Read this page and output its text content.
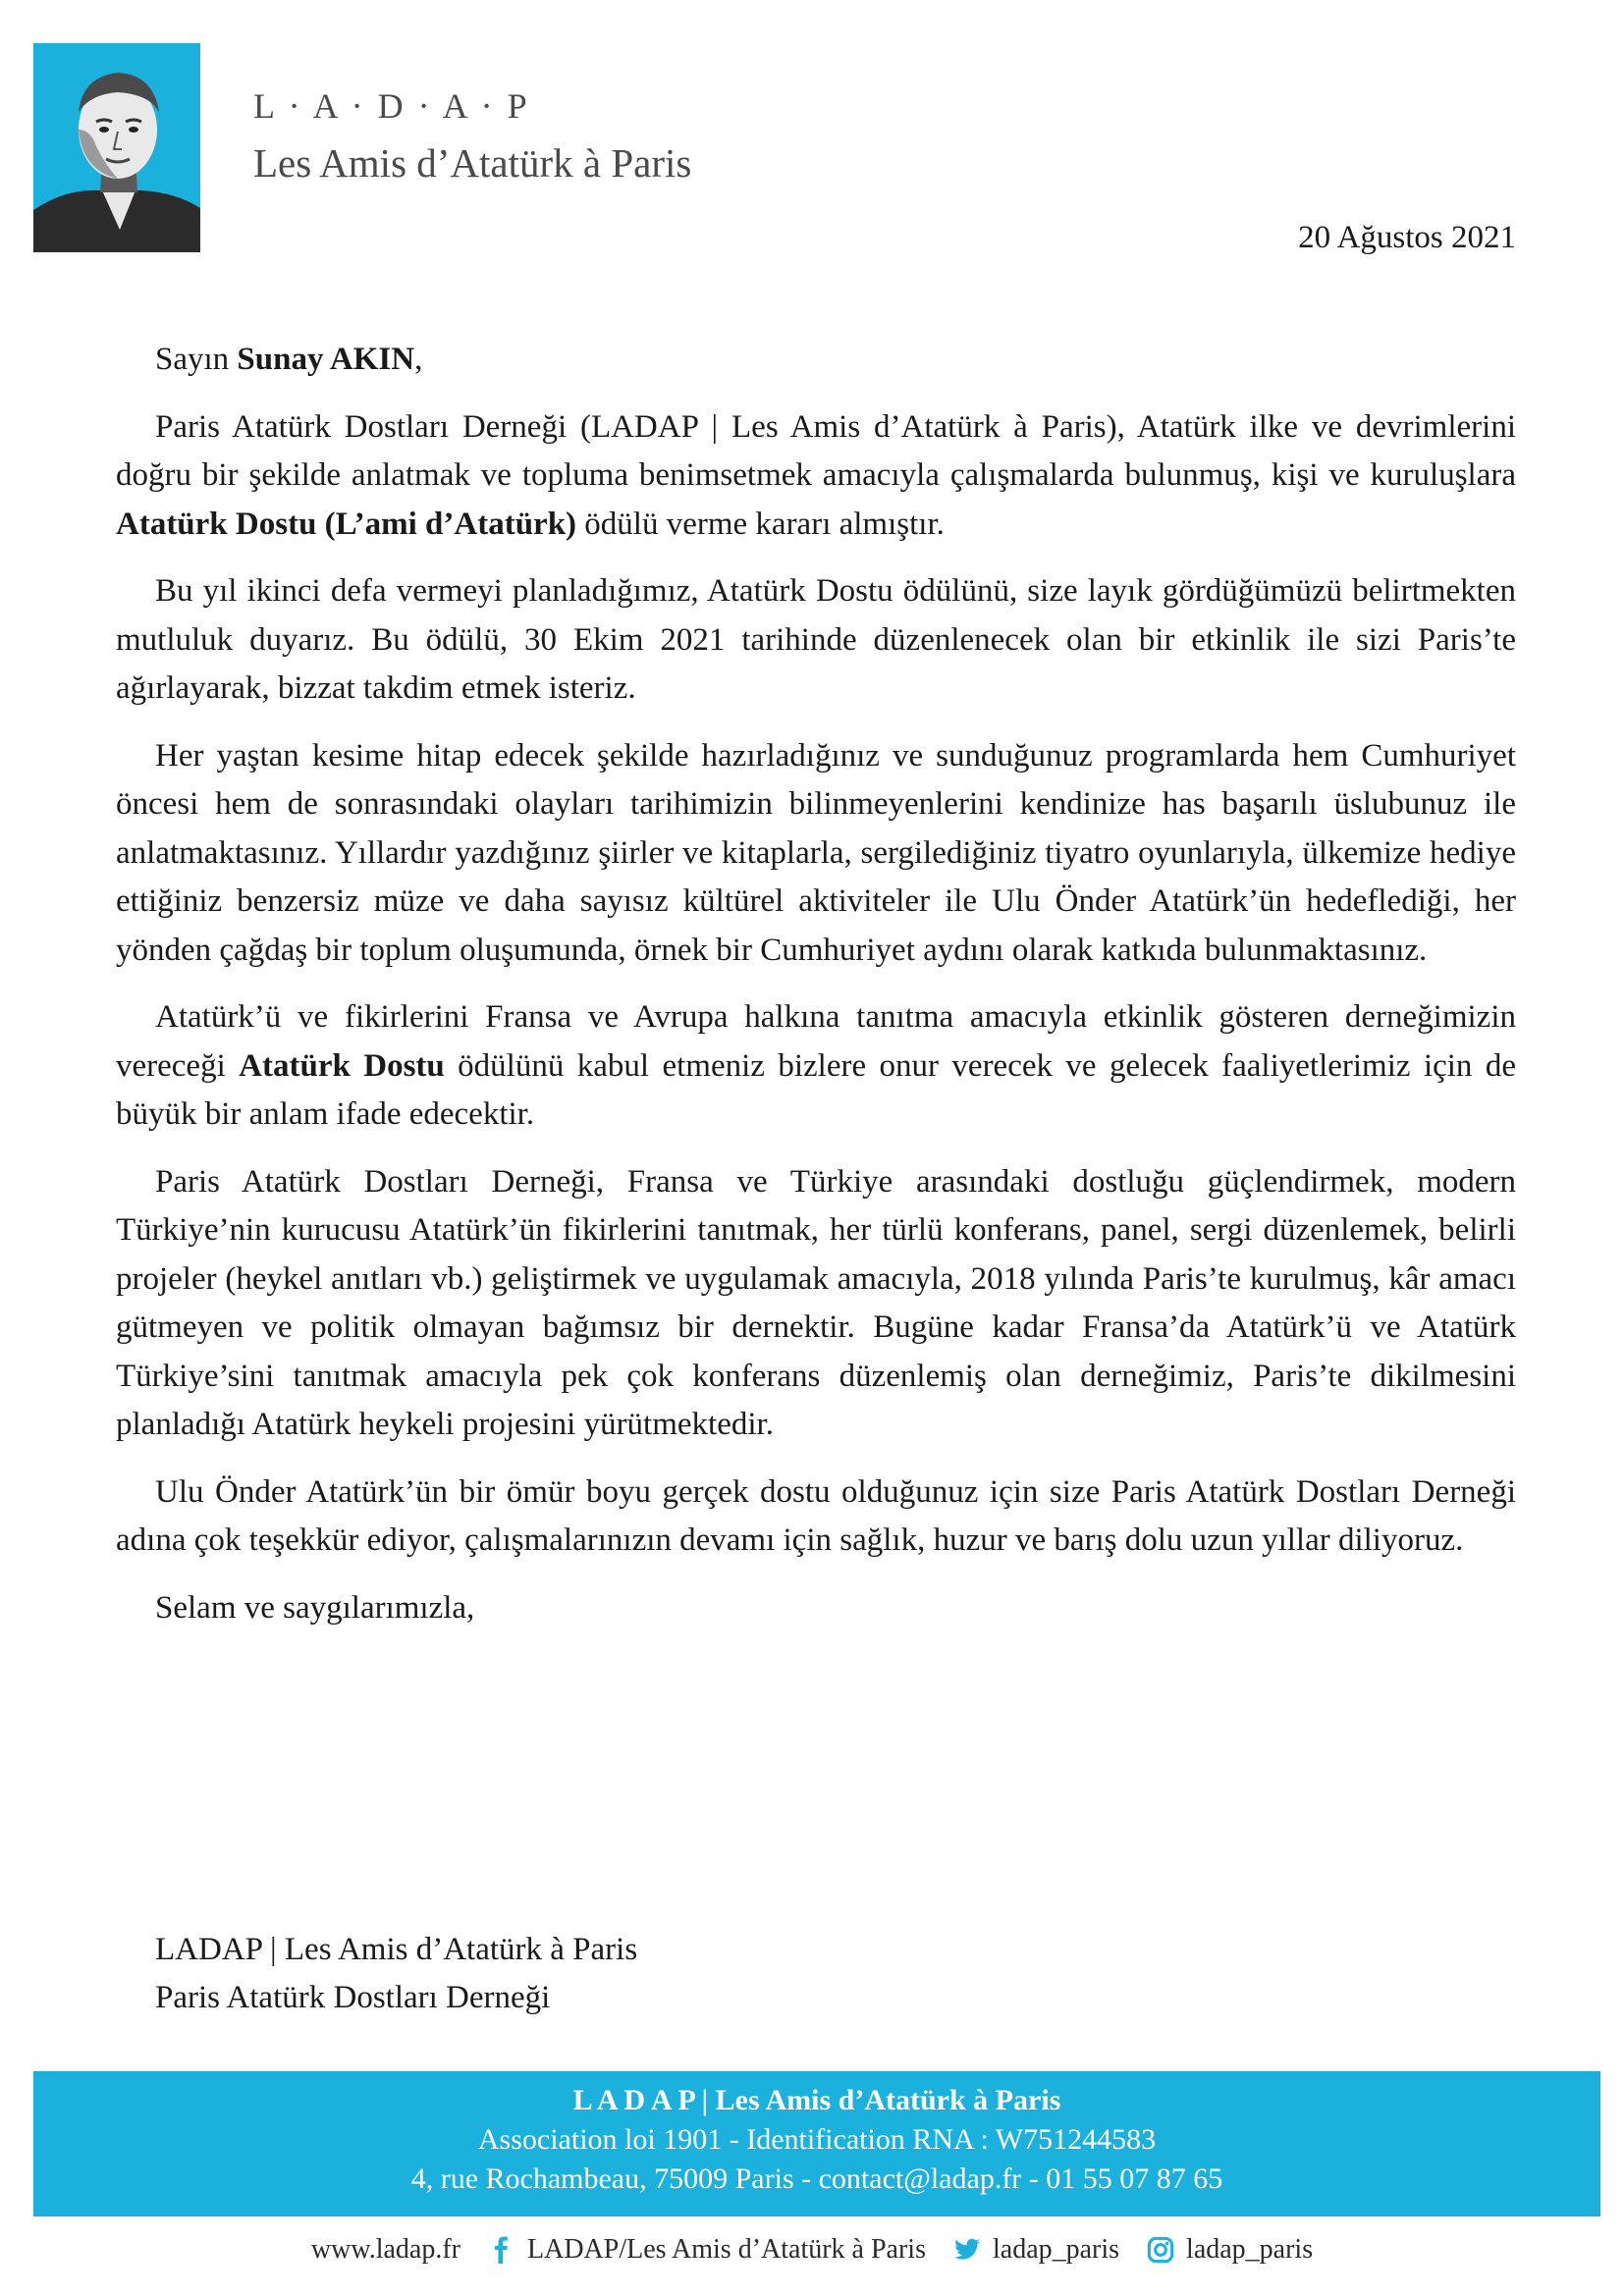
L · A · D · A · P
Les Amis d’Atatürk à Paris
20 Ağustos 2021

Sayın Sunay AKIN,

Paris Atatürk Dostları Derneği (LADAP | Les Amis d’Atatürk à Paris), Atatürk ilke ve devrimlerini doğru bir şekilde anlatmak ve topluma benimsetmek amacıyla çalışmalarda bulunmuş, kişi ve kuruluşlara Atatürk Dostu (L’ami d’Atatürk) ödülü verme kararı almıştır.

Bu yıl ikinci defa vermeyi planladığımız, Atatürk Dostu ödülünü, size layık gördüğümüzü belirtmekten mutluluk duyarız. Bu ödülü, 30 Ekim 2021 tarihinde düzenlenecek olan bir etkinlik ile sizi Paris’te ağırlayarak, bizzat takdim etmek isteriz.

Her yaştan kesime hitap edecek şekilde hazırladığınız ve sunduğunuz programlarda hem Cumhuriyet öncesi hem de sonrasındaki olayları tarihimizin bilinmeyenlerini kendinize has başarılı üslubunuz ile anlatmaktasınız. Yıllardır yazdığınız şiirler ve kitaplarla, sergilediğiniz tiyatro oyunlarıyla, ülkemize hediye ettiğiniz benzersiz müze ve daha sayısız kültürel aktiviteler ile Ulu Önder Atatürk’ün hedeflediği, her yönden çağdaş bir toplum oluşumunda, örnek bir Cumhuriyet aydını olarak katkıda bulunmaktasınız.

Atatürk’ü ve fikirlerini Fransa ve Avrupa halkına tanıtma amacıyla etkinlik gösteren derneğimizin vereceği Atatürk Dostu ödülünü kabul etmeniz bizlere onur verecek ve gelecek faaliyetlerimiz için de büyük bir anlam ifade edecektir.

Paris Atatürk Dostları Derneği, Fransa ve Türkiye arasındaki dostluğu güçlendirmek, modern Türkiye’nin kurucusu Atatürk’ün fikirlerini tanıtmak, her türlü konferans, panel, sergi düzenlemek, belirli projeler (heykel anıtları vb.) geliştirmek ve uygulamak amacıyla, 2018 yılında Paris’te kurulmuş, kâr amacı gütmeyen ve politik olmayan bağımsız bir dernektir. Bugüne kadar Fransa’da Atatürk’ü ve Atatürk Türkiye’sini tanıtmak amacıyla pek çok konferans düzenlemiş olan derneğimiz, Paris’te dikilmesini planladığı Atatürk heykeli projesini yürütmektedir.

Ulu Önder Atatürk’ün bir ömür boyu gerçek dostu olduğunuz için size Paris Atatürk Dostları Derneği adına çok teşekkür ediyor, çalışmalarınızın devamı için sağlık, huzur ve barış dolu uzun yıllar diliyoruz.

Selam ve saygılarımızla,

LADAP | Les Amis d’Atatürk à Paris
Paris Atatürk Dostları Derneği
L A D A P | Les Amis d’Atatürk à Paris
Association loi 1901 - Identification RNA : W751244583
4, rue Rochambeau, 75009 Paris - contact@ladap.fr - 01 55 07 87 65
www.ladap.fr LADAP/Les Amis d’Atatürk à Paris ladap_paris ladap_paris
